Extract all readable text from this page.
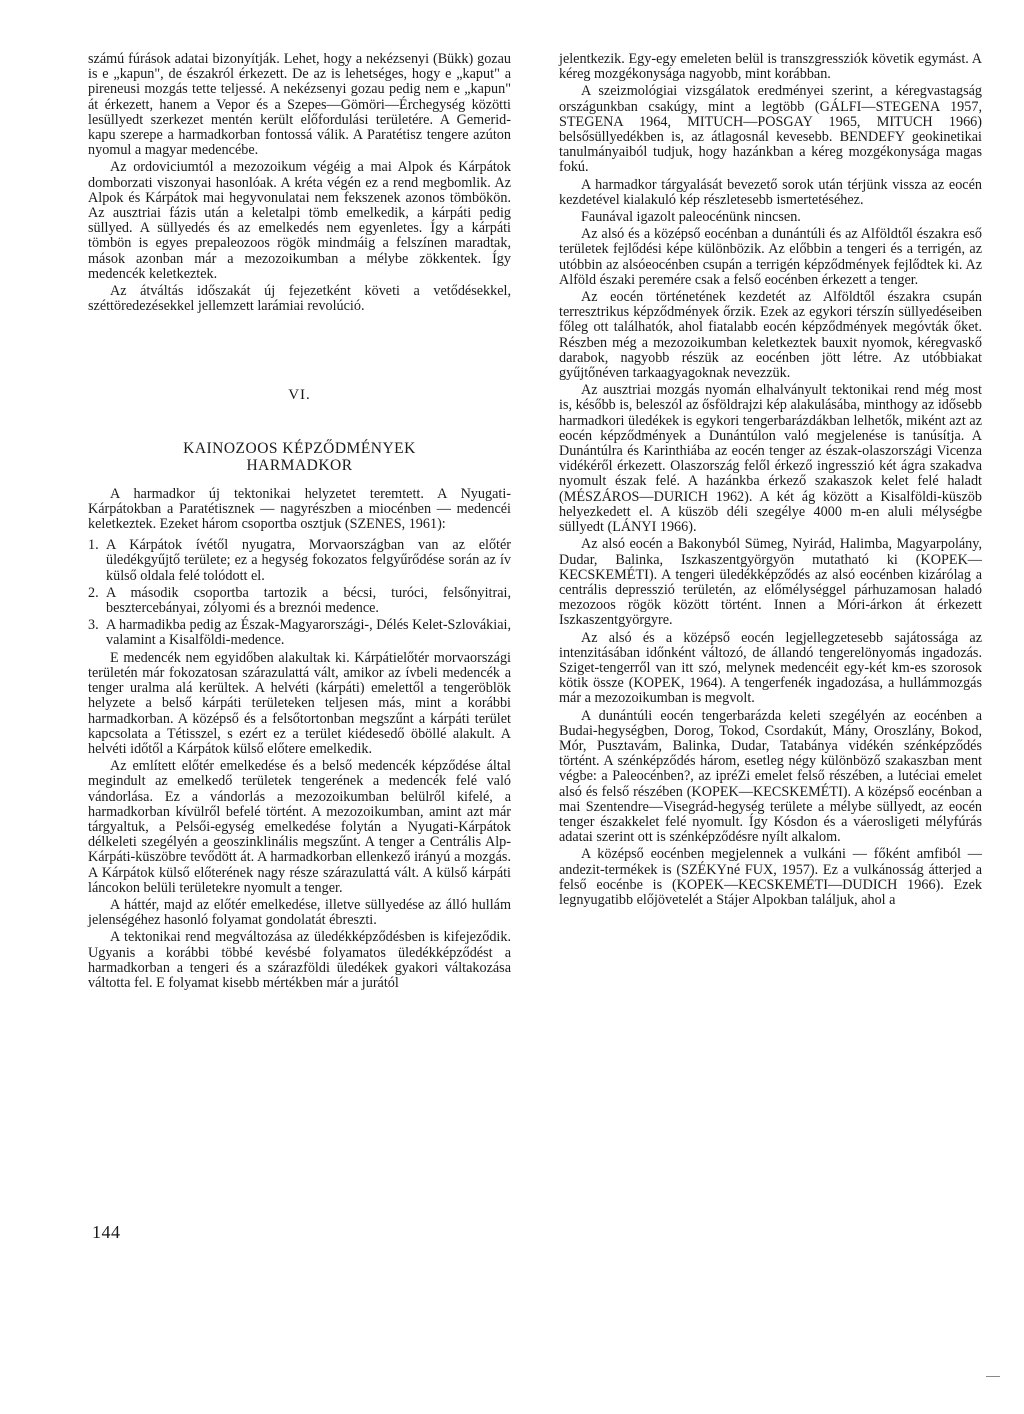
számú fúrások adatai bizonyítják. Lehet, hogy a nekézsenyi (Bükk) gozau is e „kapun", de északról érkezett. De az is lehetséges, hogy e „kaput" a pireneusi mozgás tette teljessé. A nekézsenyi gozau pedig nem e „kapun" át érkezett, hanem a Vepor és a Szepes—Gömöri—Érchegység közötti lesüllyedt szerkezet mentén került előfordulási területére. A Gemerid-kapu szerepe a harmadkorban fontossá válik. A Paratétisz tengere azúton nyomul a magyar medencébe.

Az ordoviciumtól a mezozoikum végéig a mai Alpok és Kárpátok domborzati viszonyai hasonlóak. A kréta végén ez a rend megbomlik. Az Alpok és Kárpátok mai hegyvonulatai nem fekszenek azonos tömbökön. Az ausztriai fázis után a keletalpi tömb emelkedik, a kárpáti pedig süllyed. A süllyedés és az emelkedés nem egyenletes. Így a kárpáti tömbön is egyes prepaleozoos rögök mindmáig a felszínen maradtak, mások azonban már a mezozoikumban a mélybe zökkentek. Így medencék keletkeztek.

Az átváltás időszakát új fejezetként követi a vetődésekkel, széttöredezésekkel jellemzett larámiai revolúció.

VI.
KAINOZOOS KÉPZŐDMÉNYEK
HARMADKOR

A harmadkor új tektonikai helyzetet teremtett. A Nyugati-Kárpátokban a Paratétisznek — nagyrészben a miocénben — medencéi keletkeztek. Ezeket három csoportba osztjuk (SZENES, 1961):

1. A Kárpátok ívétől nyugatra, Morvaországban van az előtér üledékgyűjtő területe; ez a hegység fokozatos felgyűrődése során az ív külső oldala felé tolódott el.
2. A második csoportba tartozik a bécsi, turóci, felsőnyitrai, besztercebányai, zólyomi és a breznói medence.
3. A harmadikba pedig az Észak-Magyarországi-, Délés Kelet-Szlovákiai, valamint a Kisalföldi-medence.

E medencék nem egyidőben alakultak ki. Kárpátielőtér morvaországi területén már fokozatosan szárazulattá vált, amikor az ívbeli medencék a tenger uralma alá kerültek. A helvéti (kárpáti) emelettől a tengeröblök helyzete a belső kárpáti területeken teljesen más, mint a korábbi harmadkorban. A középső és a felsőtortonban megszűnt a kárpáti terület kapcsolata a Tétisszel, s ezért ez a terület kiédesedő öböllé alakult. A helvéti időtől a Kárpátok külső előtere emelkedik.

Az említett előtér emelkedése és a belső medencék képződése által megindult az emelkedő területek tengerének a medencék felé való vándorlása. Ez a vándorlás a mezozoikumban belülről kifelé, a harmadkorban kívülről befelé történt. A mezozoikumban, amint azt már tárgyaltuk, a Pelsői-egység emelkedése folytán a Nyugati-Kárpátok délkeleti szegélyén a geoszinklinális megszűnt. A tenger a Centrális Alp-Kárpáti-küszöbre tevődött át. A harmadkorban ellenkező irányú a mozgás. A Kárpátok külső előterének nagy része szárazulattá vált. A külső kárpáti láncokon belüli területekre nyomult a tenger.

A háttér, majd az előtér emelkedése, illetve süllyedése az álló hullám jelenségéhez hasonló folyamat gondolatát ébreszti.

A tektonikai rend megváltozása az üledékképződésben is kifejeződik. Ugyanis a korábbi többé kevésbé folyamatos üledékképződést a harmadkorban a tengeri és a szárazföldi üledékek gyakori váltakozása váltotta fel. E folyamat kisebb mértékben már a jurától

jelentkezik. Egy-egy emeleten belül is transzgressziók követik egymást. A kéreg mozgékonysága nagyobb, mint korábban.

A szeizmológiai vizsgálatok eredményei szerint, a kéregvastagság országunkban csakúgy, mint a legtöbb (GÁLFI—STEGENA 1957, STEGENA 1964, MITUCH—POSGAY 1965, MITUCH 1966) belsősüllyedékben is, az átlagosnál kevesebb. BENDEFY geokinetikai tanulmányaiból tudjuk, hogy hazánkban a kéreg mozgékonysága magas fokú.

A harmadkor tárgyalását bevezető sorok után térjünk vissza az eocén kezdetével kialakuló kép részletesebb ismertetéséhez.

Faunával igazolt paleocénünk nincsen.

Az alsó és a középső eocénban a dunántúli és az Alföldtől északra eső területek fejlődési képe különbözik. Az előbbin a tengeri és a terrigén, az utóbbin az alsóeocénben csupán a terrigén képződmények fejlődtek ki. Az Alföld északi peremére csak a felső eocénben érkezett a tenger.

Az eocén történetének kezdetét az Alföldtől északra csupán terresztrikus képződmények őrzik. Ezek az egykori térszín süllyedéseiben főleg ott találhatók, ahol fiatalabb eocén képződmények megóvták őket. Részben még a mezozoikumban keletkeztek bauxit nyomok, kéregvaskő darabok, nagyobb részük az eocénben jött létre. Az utóbbiakat gyűjtőnéven tarkaagyagoknak nevezzük.

Az ausztriai mozgás nyomán elhalványult tektonikai rend még most is, később is, beleszól az ősföldrajzi kép alakulásába, minthogy az idősebb harmadkori üledékek is egykori tengerbarázdákban lelhetők, miként azt az eocén képződmények a Dunántúlon való megjelenése is tanúsítja. A Dunántúlra és Karinthiába az eocén tenger az észak-olaszországi Vicenza vidékéről érkezett. Olaszország felől érkező ingresszió két ágra szakadva nyomult észak felé. A hazánkba érkező szakaszok kelet felé haladt (MÉSZÁROS—DURICH 1962). A két ág között a Kisalföldi-küszöb helyezkedett el. A küszöb déli szegélye 4000 m-en aluli mélységbe süllyedt (LÁNYI 1966).

Az alsó eocén a Bakonyból Sümeg, Nyirád, Halimba, Magyarpolány, Dudar, Balinka, Iszkaszentgyörgyön mutatható ki (KOPEK—KECSKEMÉTI). A tengeri üledékképződés az alsó eocénben kizárólag a centrális depresszió területén, az előmélységgel párhuzamosan haladó mezozoos rögök között történt. Innen a Móri-árkon át érkezett Iszkaszentgyörgyre.

Az alsó és a középső eocén legjellegzetesebb sajátossága az intenzitásában időnként változó, de állandó tengerelönyomás ingadozás. Sziget-tengerről van itt szó, melynek medencéit egy-két km-es szorosok kötik össze (KOPEK, 1964). A tengerfenék ingadozása, a hullámmozgás már a mezozoikumban is megvolt.

A dunántúli eocén tengerbarázda keleti szegélyén az eocénben a Budai-hegységben, Dorog, Tokod, Csordakút, Mány, Oroszlány, Bokod, Mór, Pusztavám, Balinka, Dudar, Tatabánya vidékén szénképződés történt. A szénképződés három, esetleg négy különböző szakaszban ment végbe: a Paleocénben?, az ipréZi emelet felső részében, a lutéciai emelet alsó és felső részében (KOPEK—KECSKEMÉTI). A középső eocénban a mai Szentendre—Visegrád-hegység területe a mélybe süllyedt, az eocén tenger északkelet felé nyomult. Így Kósdon és a váerosligeti mélyfúrás adatai szerint ott is szénképződésre nyílt alkalom.

A középső eocénben megjelennek a vulkáni — főként amfiból — andezit-termékek is (SZÉKYné FUX, 1957). Ez a vulkánosság átterjed a felső eocénbe is (KOPEK—KECSKEMÉTI—DUDICH 1966). Ezek legnyugatibb előjövetelét a Stájer Alpokban találjuk, ahol a

144
